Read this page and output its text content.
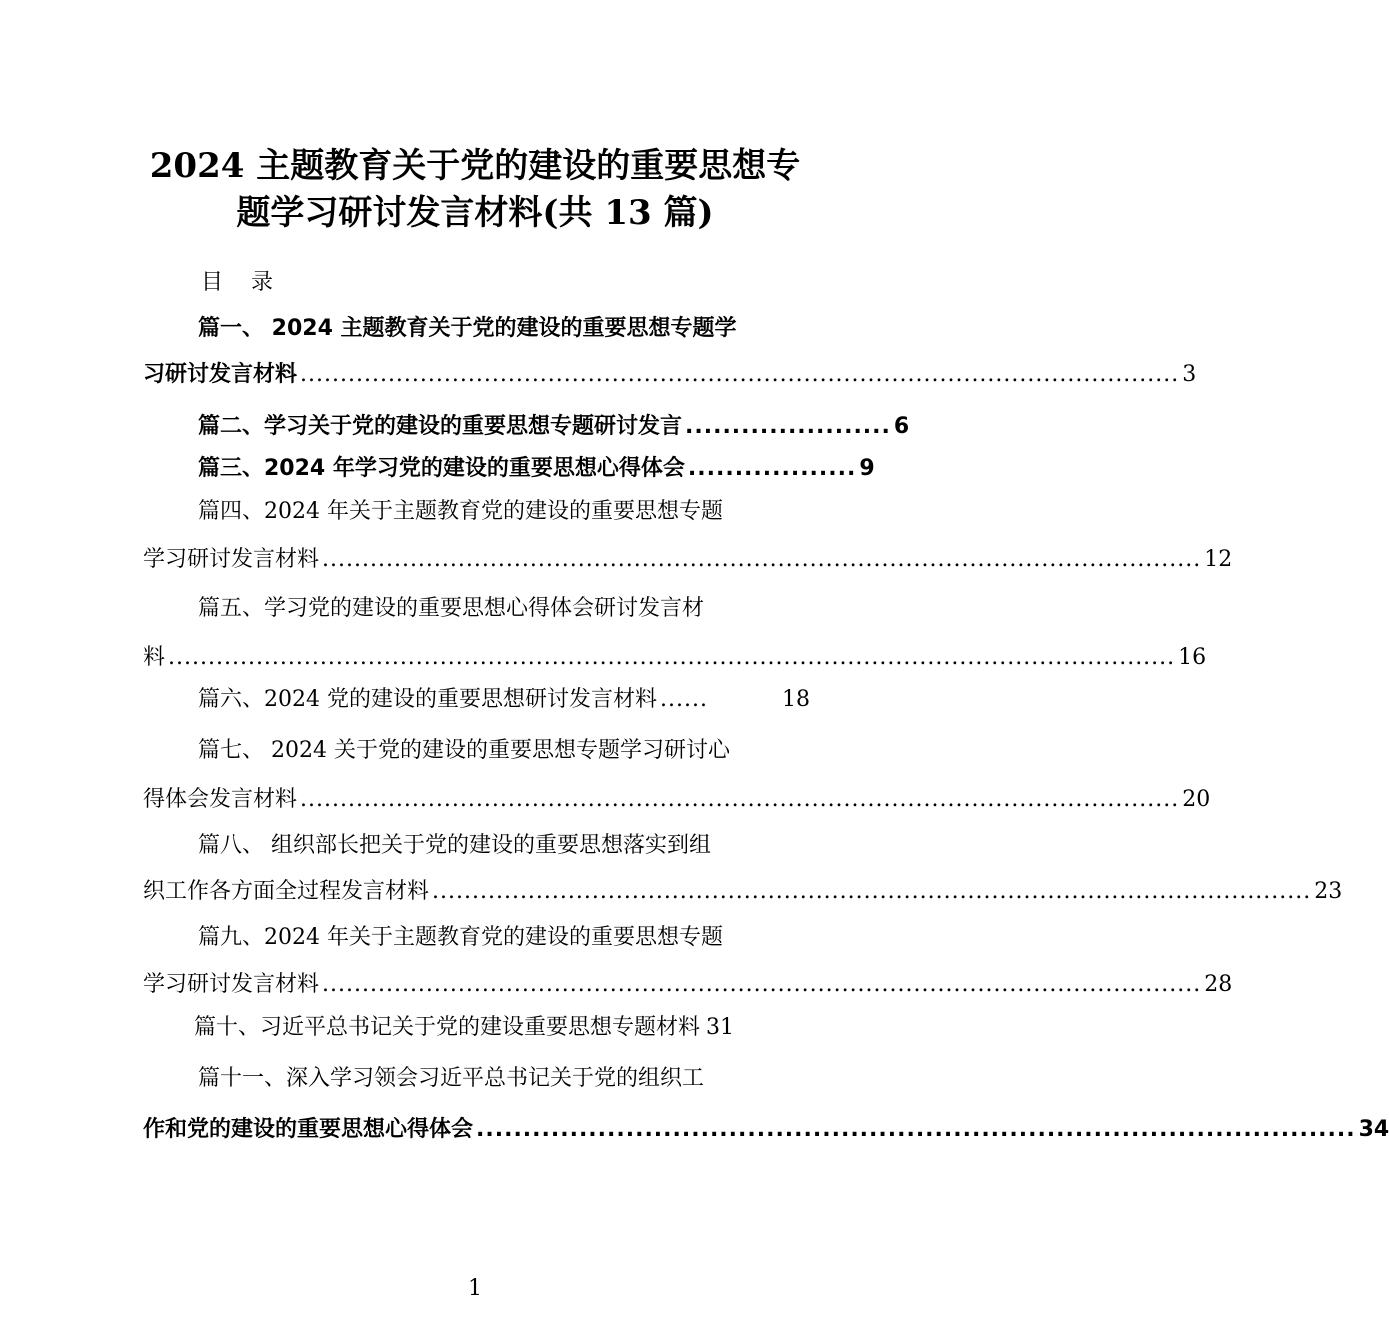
2024 主题教育关于党的建设的重要思想专
题学习研讨发言材料(共 13 篇)
目录
篇一、 2024 主题教育关于党的建设的重要思想专题学
习研讨发言材料 .............................................................................................................. 3
篇二、学习关于党的建设的重要思想专题研讨发言 ...................... 6
篇三、2024 年学习党的建设的重要思想心得体会 .................. 9
篇四、2024 年关于主题教育党的建设的重要思想专题
学习研讨发言材料 .............................................................................................................. 12
篇五、学习党的建设的重要思想心得体会研讨发言材
料 .............................................................................................................................. 16
篇六、2024 党的建设的重要思想研讨发言材料 ......	18
篇七、 2024 关于党的建设的重要思想专题学习研讨心
得体会发言材料 .............................................................................................................. 20
篇八、 组织部长把关于党的建设的重要思想落实到组
织工作各方面全过程发言材料 .............................................................................................................. 23
篇九、2024 年关于主题教育党的建设的重要思想专题
学习研讨发言材料 .............................................................................................................. 28
篇十、习近平总书记关于党的建设重要思想专题材料 31
篇十一、深入学习领会习近平总书记关于党的组织工
作和党的建设的重要思想心得体会 .............................................................................................. 34
1
